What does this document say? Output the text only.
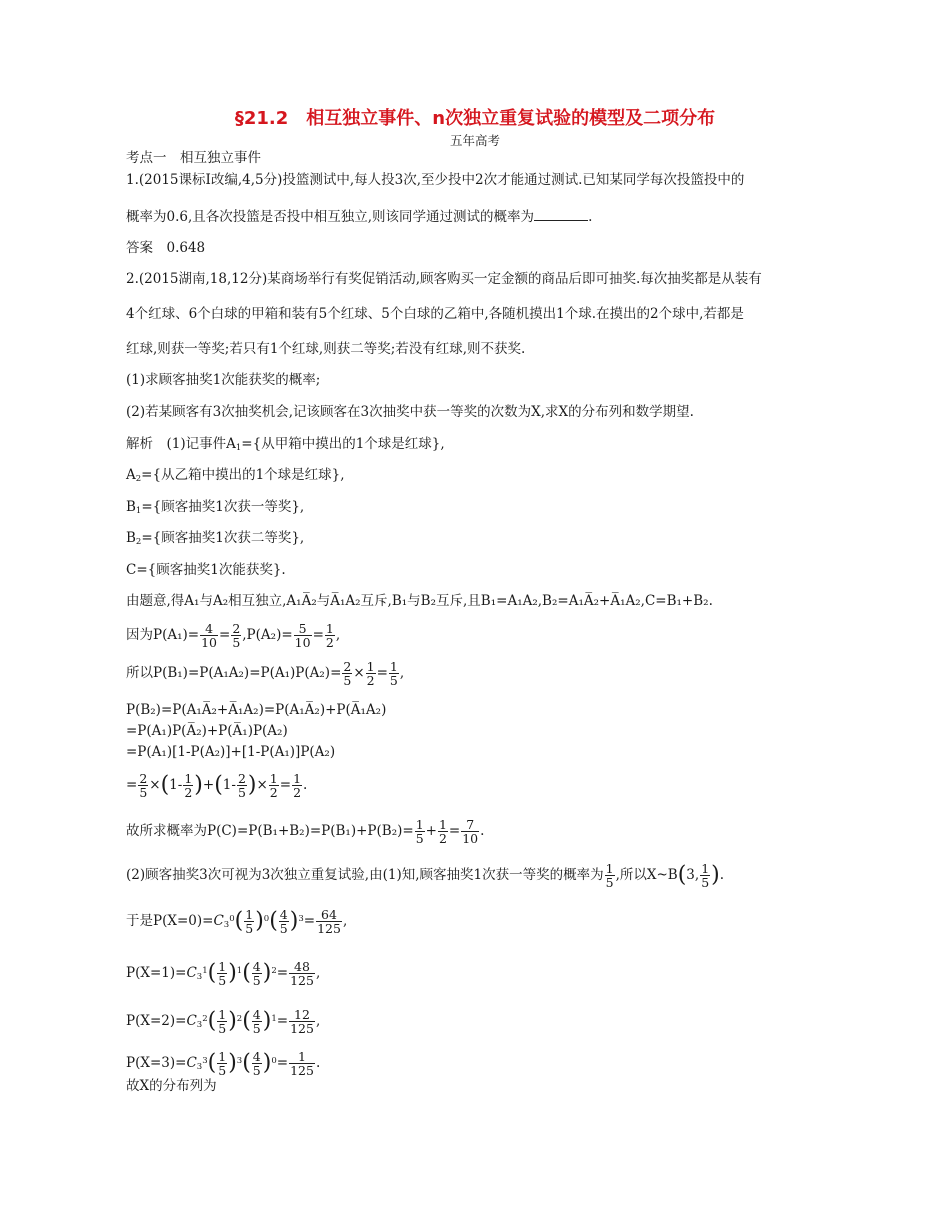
§21.2　相互独立事件、n次独立重复试验的模型及二项分布
五年高考
考点一　相互独立事件
1.(2015课标Ⅰ改编,4,5分)投篮测试中,每人投3次,至少投中2次才能通过测试.已知某同学每次投篮投中的
概率为0.6,且各次投篮是否投中相互独立,则该同学通过测试的概率为	.
答案　0.648
2.(2015湖南,18,12分)某商场举行有奖促销活动,顾客购买一定金额的商品后即可抽奖.每次抽奖都是从装有
4个红球、6个白球的甲箱和装有5个红球、5个白球的乙箱中,各随机摸出1个球.在摸出的2个球中,若都是
红球,则获一等奖;若只有1个红球,则获二等奖;若没有红球,则不获奖.
(1)求顾客抽奖1次能获奖的概率;
(2)若某顾客有3次抽奖机会,记该顾客在3次抽奖中获一等奖的次数为X,求X的分布列和数学期望.
解析　 (1)记事件$A_1=${从甲箱中摸出的1个球是红球},
$A_2=${从乙箱中摸出的1个球是红球},
$B_1=${顾客抽奖1次获一等奖},
$B_2=${顾客抽奖1次获二等奖},
C={顾客抽奖1次能获奖}.
由题意,得A₁与A₂相互独立,A₁A̅₂与A̅₁A₂互斥,B₁与B₂互斥,且B₁=A₁A₂,B₂=A₁A̅₂+A̅₁A₂,C=B₁+B₂.
因为$P(A_1)= \frac{4}{10} = \frac{2}{5} ,P(A_2)= \frac{5}{10} = \frac{1}{2}$ ,
所以$P(B_1)=P(A_1A_2)=P(A_1)P(A_2)= \frac{2}{5} \times \frac{1}{2} = \frac{1}{5}$ ,
P(B₂)=P(A₁A̅₂+A̅₁A₂)=P(A₁A̅₂)+P(A̅₁A₂)
=P(A₁)P(A̅₂)+P(A̅₁)P(A₂)
=P(A₁)[1-P(A₂)]+[1-P(A₁)]P(A₂)
= $\frac{2}{5} \times(1- \frac{1}{2} )+(1- \frac{2}{5}$ )× $\frac{1}{2} = \frac{1}{2}$ .
故所求概率为$P(C)=P(B_1+B_2)=P(B_1)+P(B_2)= \frac{1}{5} + \frac{1}{2} = \frac{7}{10}$ .
(2)顾客抽奖3次可视为3次独立重复试验,由(1)知,顾客抽奖1次获一等奖的概率为 $\frac{1}{5}$ ,所以X~B(3, $\frac{1}{5}$ ).
于是$P(X=0)=C_3^0( \frac{1}{5} )^0( \frac{4}{5} )^3= \frac{64}{125}$ ,
$P(X=1)=C_3^1( \frac{1}{5} )^1( \frac{4}{5} )^2= \frac{48}{125}$ ,
$P(X=2)=C_3^2( \frac{1}{5} )^2( \frac{4}{5} )^1= \frac{12}{125}$ ,
$P(X=3)=C_3^3( \frac{1}{5} )^3( \frac{4}{5} )^0= \frac{1}{125}$ .
故X的分布列为
